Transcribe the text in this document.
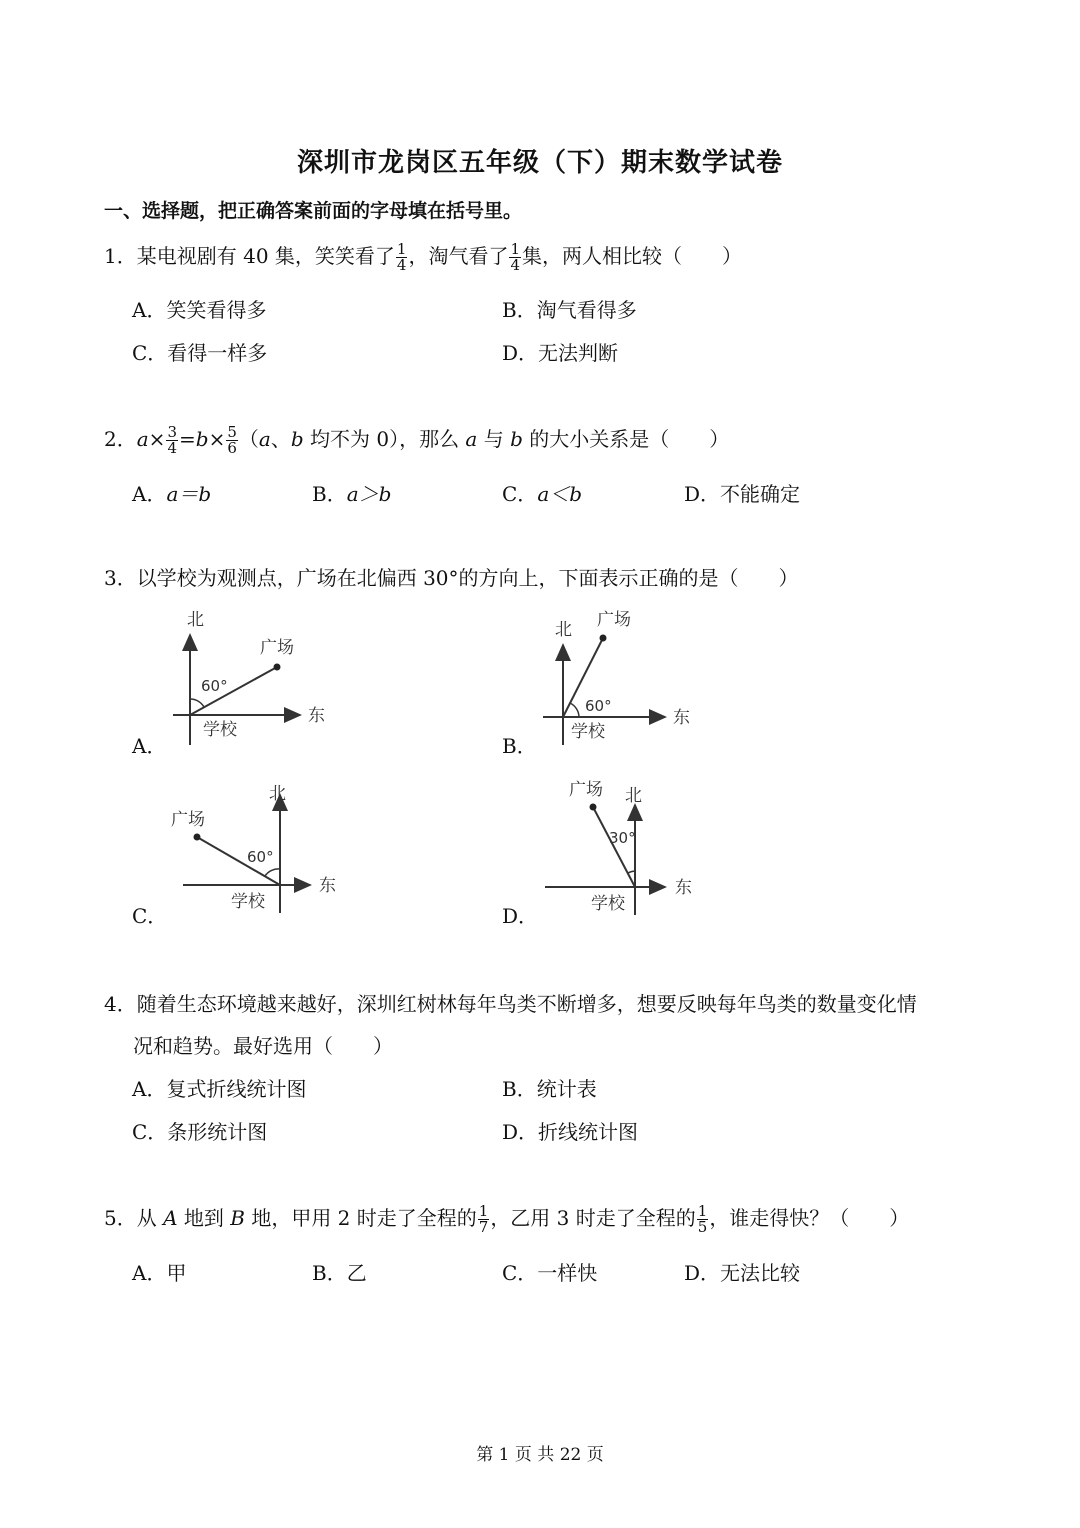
深圳市龙岗区五年级（下）期末数学试卷
一、选择题，把正确答案前面的字母填在括号里。
1．某电视剧有 40 集，笑笑看了 $\frac{1}{4}$ ，淘气看了 $\frac{1}{4}$ 集，两人相比较（　　）
A．笑笑看得多	B．淘气看得多
C．看得一样多	D．无法判断
2．$a\times \frac{3}{4} =b\times \frac{5}{6} (a$、b 均不为 0），那么 a 与 b 的大小关系是（　　）
A．a＝b	B．a＞b	C．a＜b	D．不能确定
3．以学校为观测点，广场在北偏西 30°的方向上，下面表示正确的是（　　）
A．	B．
C．	D．
北
广场
60°
东
学校
北 广场
60°
东
学校
北
广场
60°
东
学校
北
广场
30°
东
学校
4．随着生态环境越来越好，深圳红树林每年鸟类不断增多，想要反映每年鸟类的数量变化情
况和趋势。最好选用（　　）
A．复式折线统计图	B．统计表
C．条形统计图	D．折线统计图
5．从 A 地到 B 地，甲用 2 时走了全程的 $\frac{1}{7}$ ，乙用 3 时走了全程的 $\frac{1}{5}$ ，谁走得快？（　　）
A．甲	B．乙	C．一样快	D．无法比较
第 1 页 共 22 页
